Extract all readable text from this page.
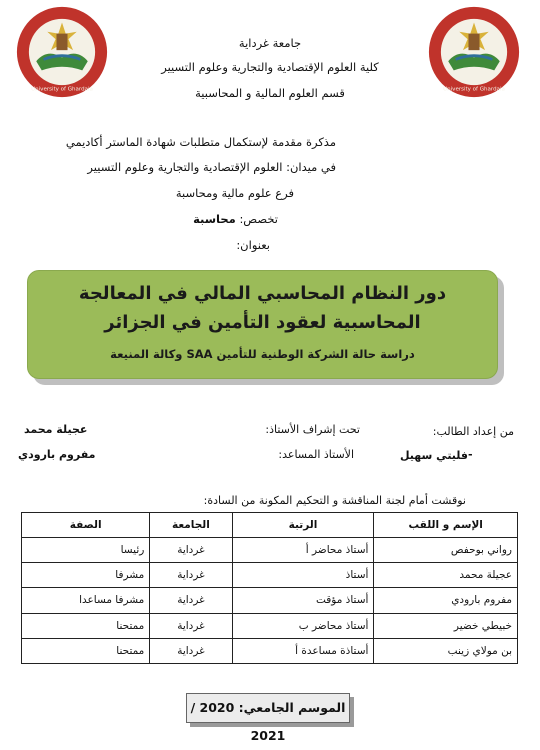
University of Ghardaia	University of Ghardaia
جامعة غرداية
كلية العلوم الإقتصادية والتجارية وعلوم التسيير
قسم العلوم المالية و المحاسبية
مذكرة مقدمة لإستكمال متطلبات شهادة الماستر أكاديمي
في ميدان: العلوم الإقتصادية والتجارية وعلوم التسيير
فرع علوم مالية ومحاسبة
تخصص: محاسبة
بعنوان:
دور النظام المحاسبي المالي في المعالجة المحاسبية لعقود التأمين في الجزائر
دراسة حالة الشركة الوطنية للتأمين SAA وكالة المنيعة
من إعداد الطالب:
-
فليتي سهيل
تحت إشراف الأستاذ:
عجيلة محمد
الأستاذ المساعد:
مفروم بارودي
نوقشت أمام لجنة المناقشة و التحكيم المكونة من السادة:
الإسم و اللقب	الرتبة	الجامعة	الصفة
رواني بوحفص	أستاذ محاضر أ	غرداية	رئيسا
عجيلة محمد	أستاذ	غرداية	مشرفا
مفروم بارودي	أستاذ مؤقت	غرداية	مشرفا مساعدا
خبيطي خضير	أستاذ محاضر ب	غرداية	ممتحنا
بن مولاي زينب	أستاذة مساعدة أ	غرداية	ممتحنا
الموسم الجامعي: 2020 / 2021
